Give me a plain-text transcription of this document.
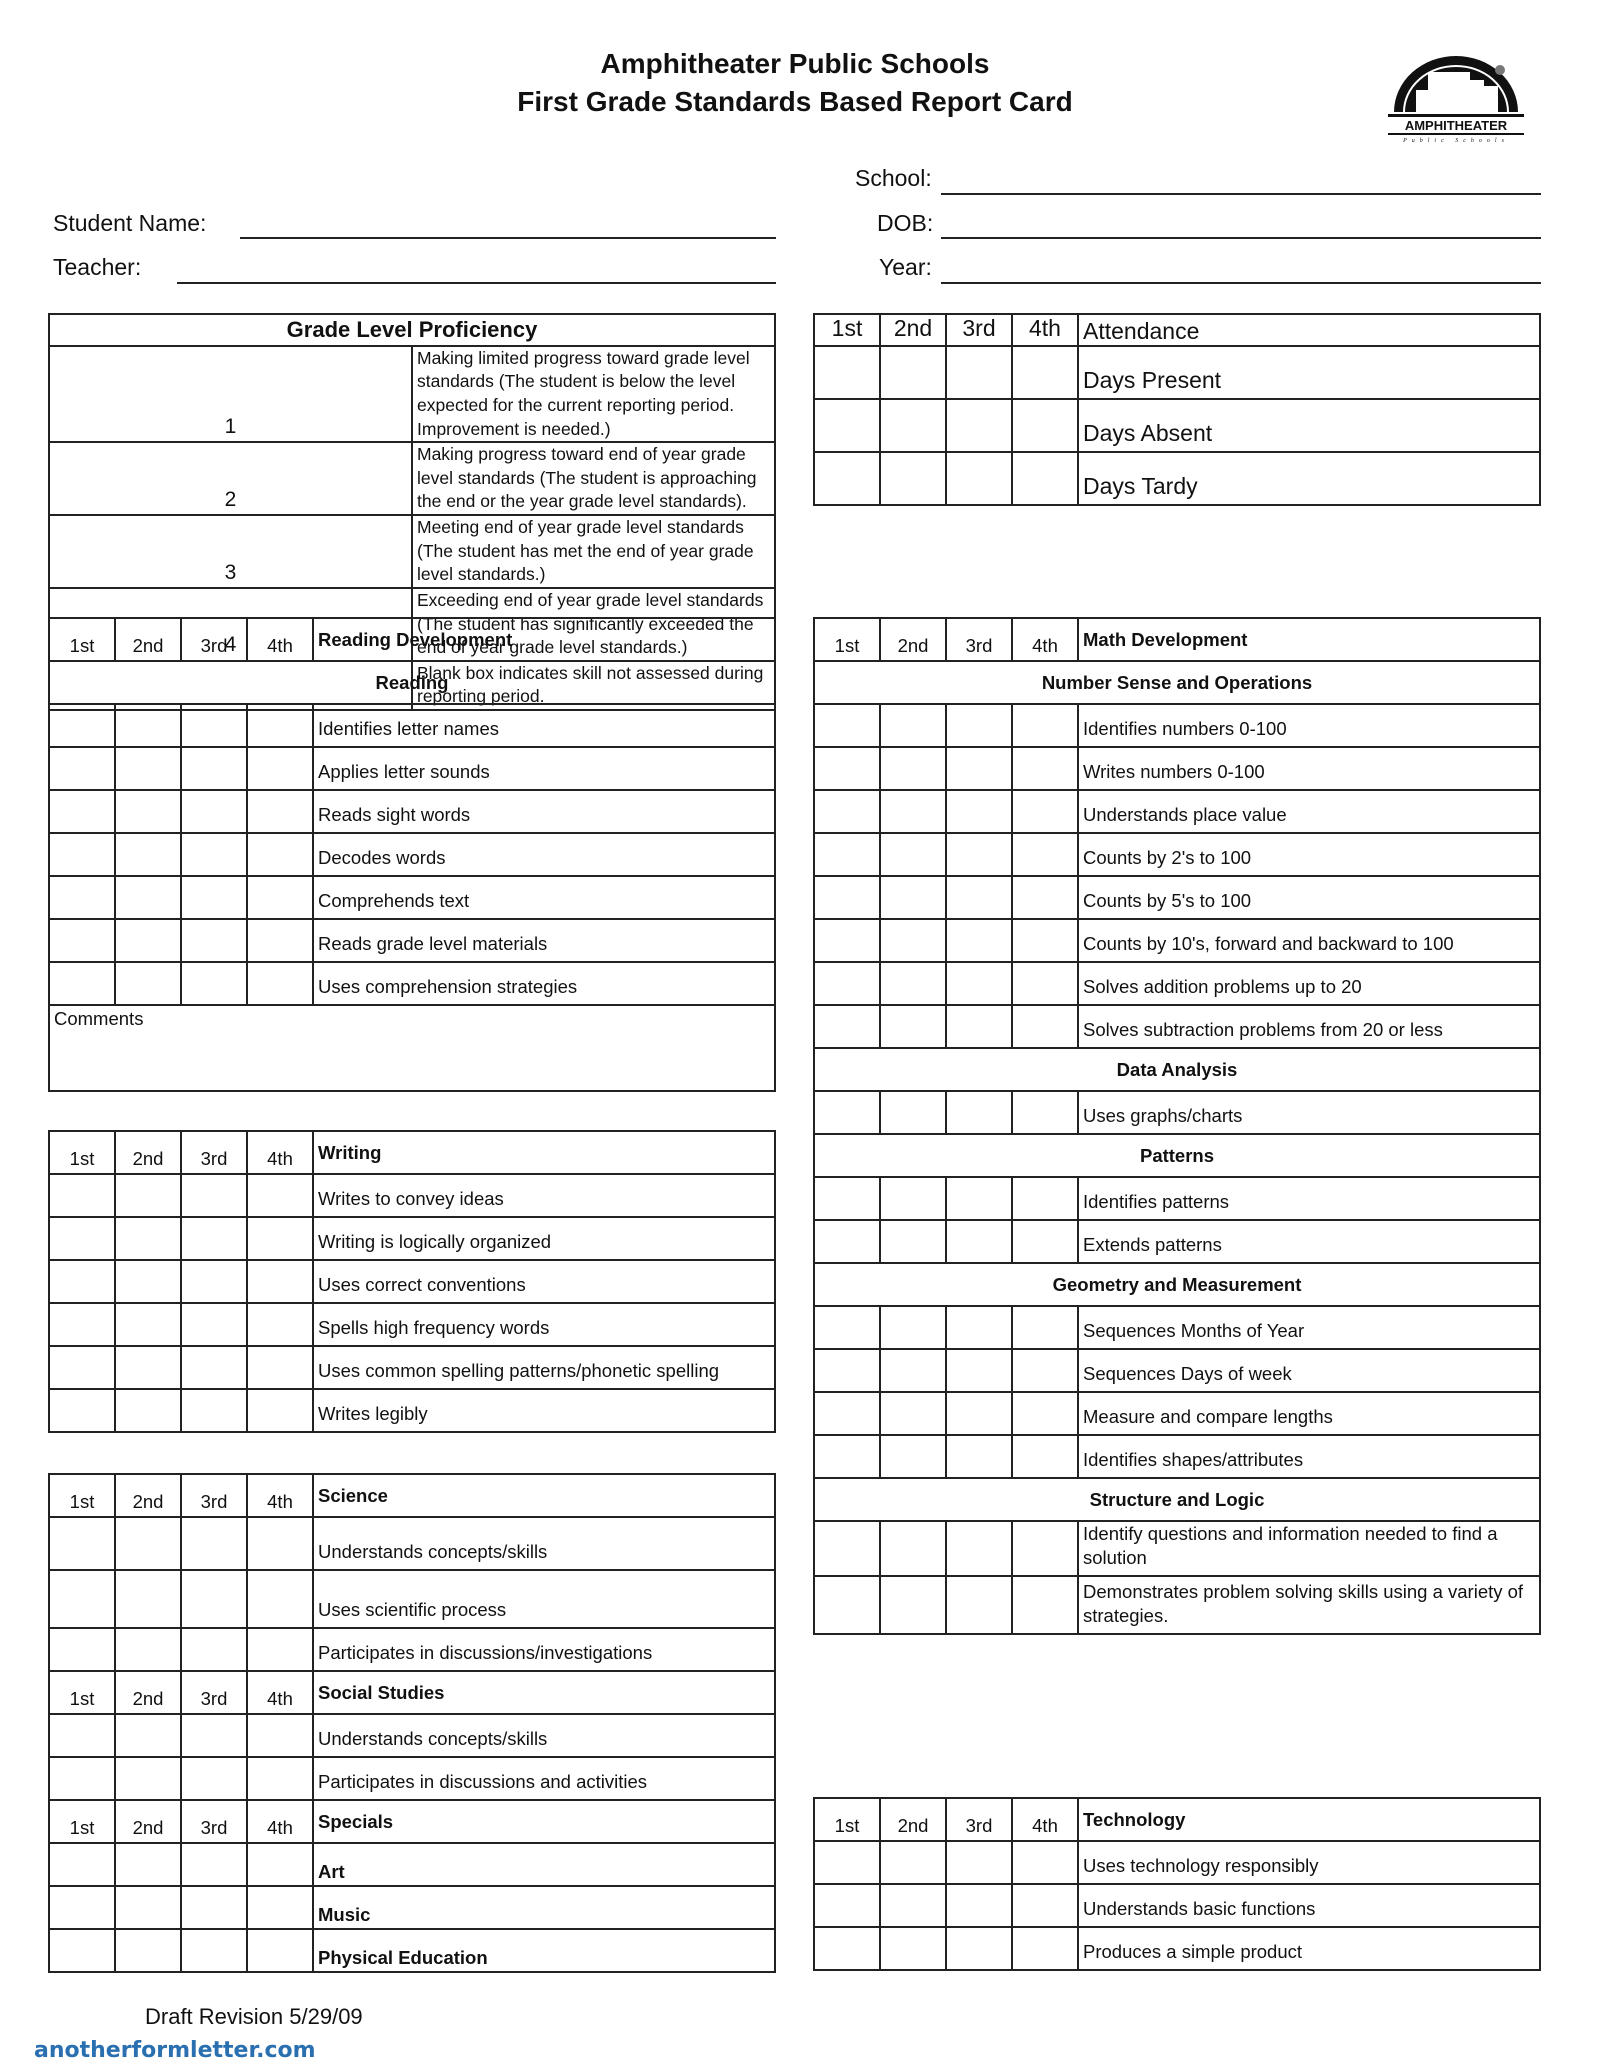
Amphitheater Public Schools
First Grade Standards Based Report Card
AMPHITHEATER
Public Schools
School:
Student Name:	DOB:
Teacher:	Year:
Grade Level Proficiency	
1	Making limited progress toward grade level standards (The student is below the level expected for the current reporting period. Improvement is needed.)
2	Making progress toward end of year grade level standards (The student is approaching the end or the year grade level standards).
3	Meeting end of year grade level standards (The student has met the end of year grade level standards.)
4	Exceeding end of year grade level standards (The student has significantly exceeded the end of year grade level standards.)
	Blank box indicates skill not assessed during reporting period.
1st	2nd	3rd	4th	Attendance
				Days Present
				Days Absent
				Days Tardy
1st	2nd	3rd	4th	Reading Development
Reading				
				Identifies letter names
				Applies letter sounds
				Reads sight words
				Decodes words
				Comprehends text
				Reads grade level materials
				Uses comprehension strategies
Comments				
1st	2nd	3rd	4th	Writing
				Writes to convey ideas
				Writing is logically organized
				Uses correct conventions
				Spells high frequency words
				Uses common spelling patterns/phonetic spelling
				Writes legibly
1st	2nd	3rd	4th	Science
				Understands concepts/skills
				Uses scientific process
				Participates in discussions/investigations
1st	2nd	3rd	4th	Social Studies
				Understands concepts/skills
				Participates in discussions and activities
1st	2nd	3rd	4th	Specials
				Art
				Music
				Physical Education
1st	2nd	3rd	4th	Math Development
Number Sense and Operations				
				Identifies numbers 0-100
				Writes numbers 0-100
				Understands place value
				Counts by 2's to 100
				Counts by 5's to 100
				Counts by 10's, forward and backward to 100
				Solves addition problems up to 20
				Solves subtraction problems from 20 or less
Data Analysis				
				Uses graphs/charts
Patterns				
				Identifies patterns
				Extends patterns
Geometry and Measurement				
				Sequences Months of Year
				Sequences Days of week
				Measure and compare lengths
				Identifies shapes/attributes
Structure and Logic				
				Identify questions and information needed to find a solution
				Demonstrates problem solving skills using a variety of strategies.
1st	2nd	3rd	4th	Technology
				Uses technology responsibly
				Understands basic functions
				Produces a simple product
Draft Revision 5/29/09
anotherformletter.com
